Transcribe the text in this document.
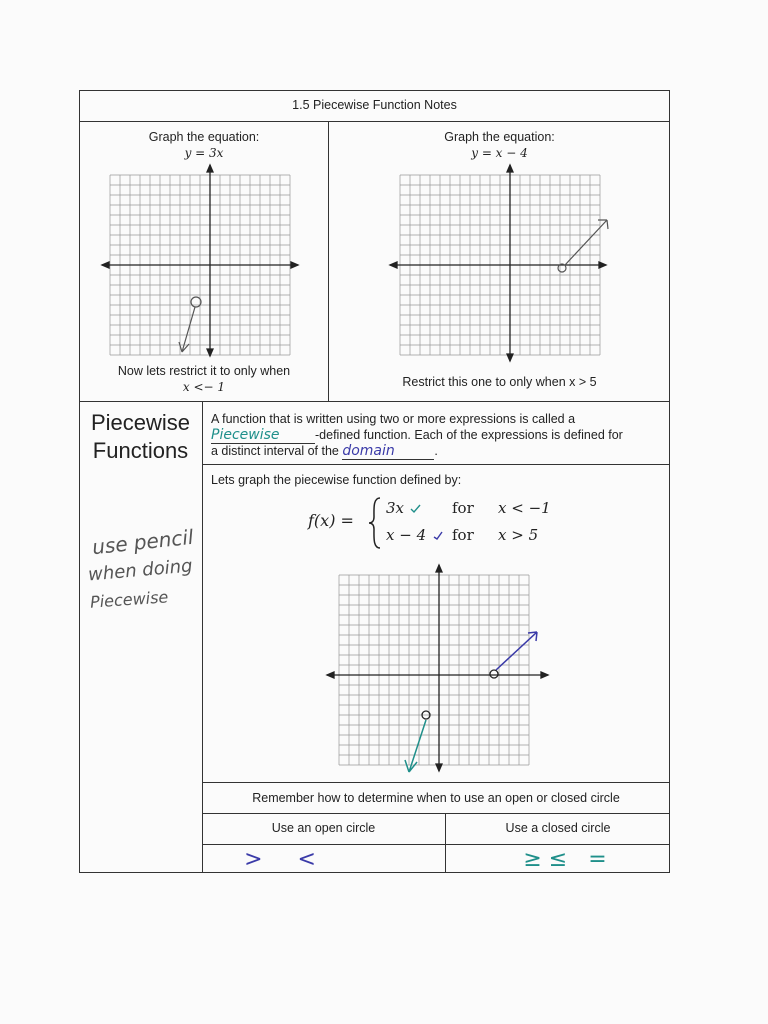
1.5 Piecewise Function Notes
Graph the equation:
y = 3x
Now lets restrict it to only when
x <− 1
Graph the equation:
y = x − 4
Restrict this one to only when x > 5
Piecewise
Functions
use pencil
when doing
Piecewise
A function that is written using two or more expressions is called a
Piecewise	-defined function. Each of the expressions is defined for
a distinct interval of the domain	.
Lets graph the piecewise function defined by:
f(x) =
3x	for x < −1
x − 4 for x > 5
Remember how to determine when to use an open or closed circle
Use an open circle	Use a closed circle
> <	≥ ≤   =
